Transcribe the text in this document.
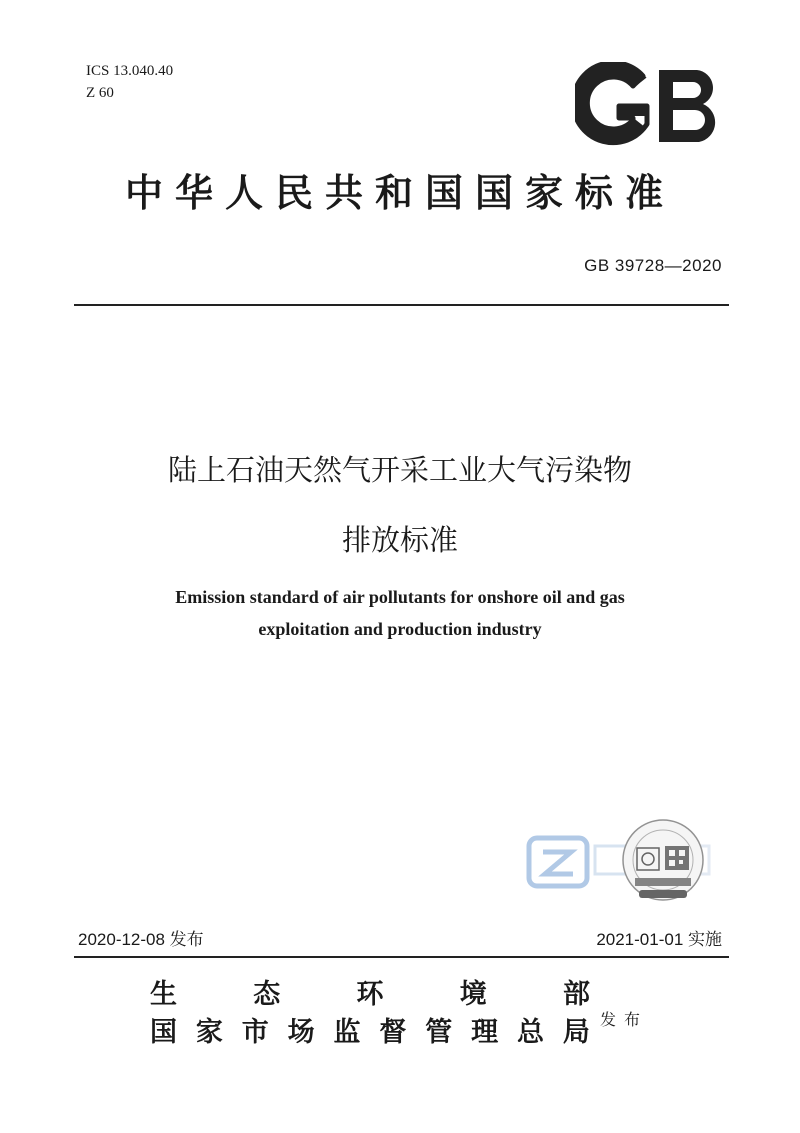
ICS 13.040.40
Z 60
中华人民共和国国家标准
GB 39728—2020
陆上石油天然气开采工业大气污染物
排放标准
Emission standard of air pollutants for onshore oil and gas
exploitation and production industry
2020-12-08 发布	2021-01-01 实施
生	态	环	境	部
国 家 市 场 监 督 管 理 总 局 发布
